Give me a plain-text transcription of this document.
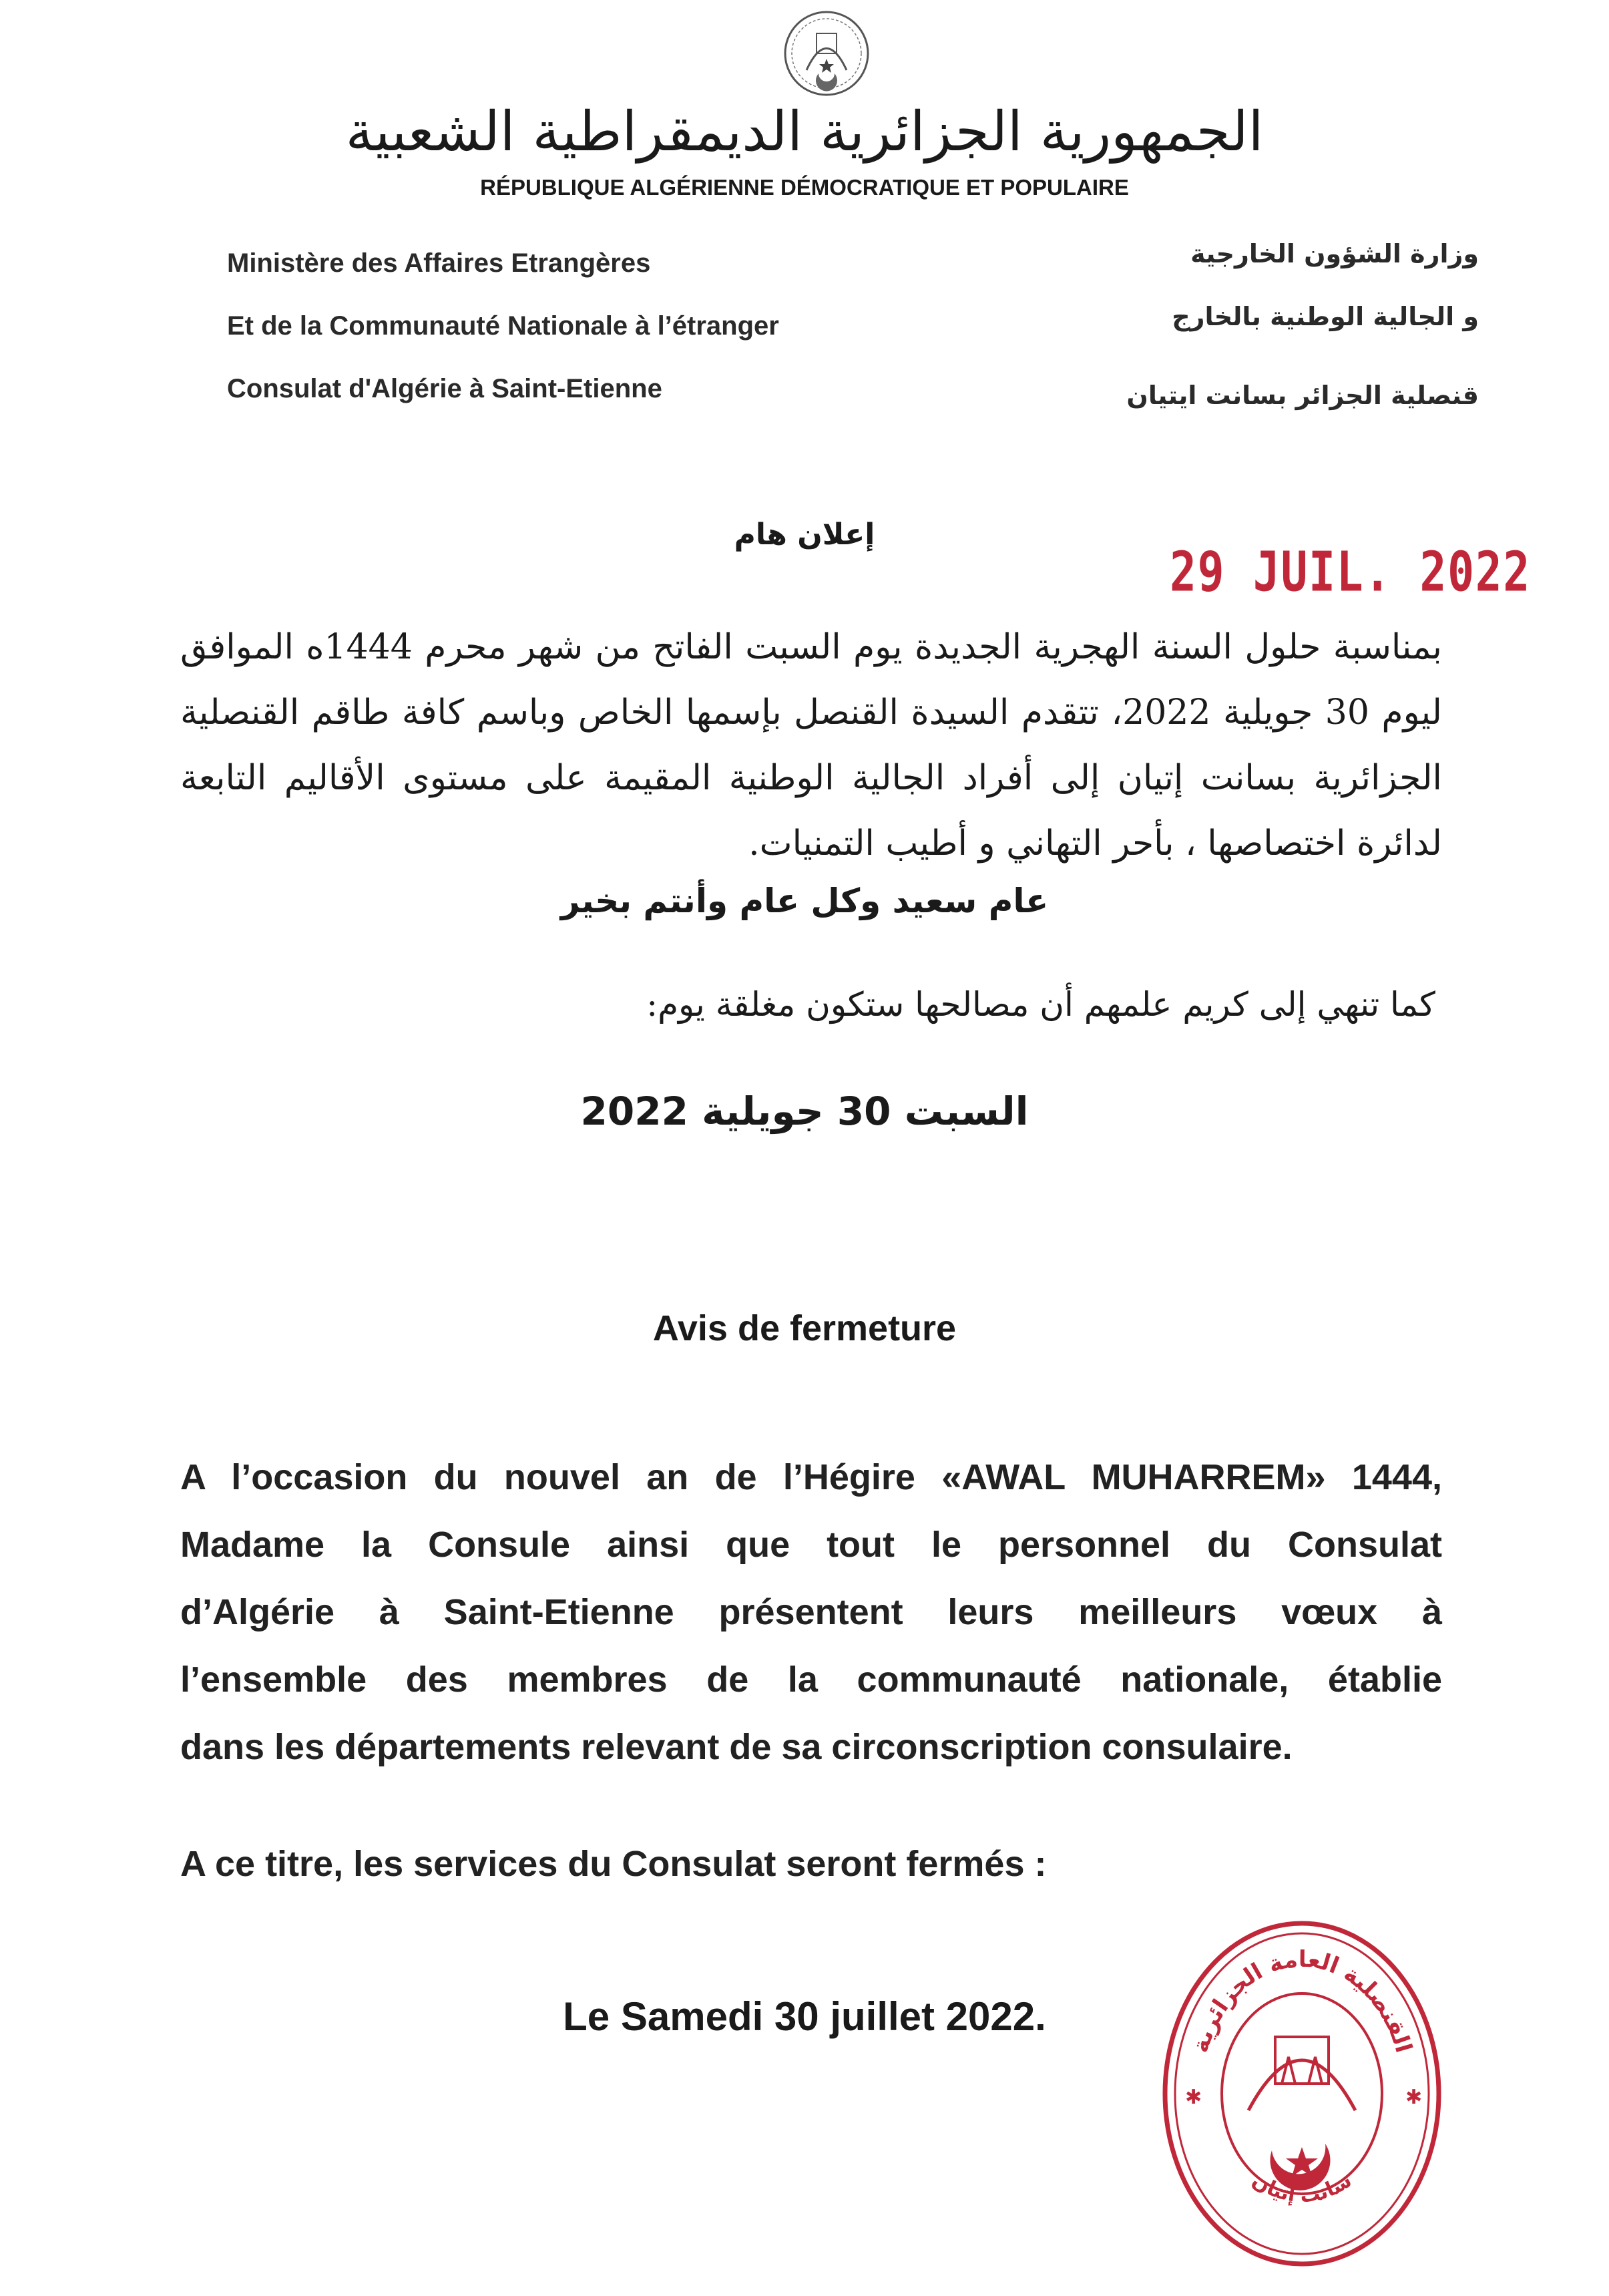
الجمهورية الجزائرية الديمقراطية الشعبية
RÉPUBLIQUE ALGÉRIENNE DÉMOCRATIQUE ET POPULAIRE
Ministère des Affaires Etrangères
Et de la Communauté Nationale à l’étranger
Consulat d'Algérie à Saint-Etienne
وزارة الشؤون الخارجية
و الجالية الوطنية بالخارج
قنصلية الجزائر بسانت ايتيان
إعلان هام
29 JUIL. 2022
بمناسبة حلول السنة الهجرية الجديدة يوم السبت الفاتح من شهر محرم 1444ه الموافق ليوم 30 جويلية 2022، تتقدم السيدة القنصل بإسمها الخاص وباسم كافة طاقم القنصلية الجزائرية بسانت إتيان إلى أفراد الجالية الوطنية المقيمة على مستوى الأقاليم التابعة لدائرة اختصاصها ، بأحر التهاني و أطيب التمنيات.
عام سعيد وكل عام وأنتم بخير
كما تنهي إلى كريم علمهم أن مصالحها ستكون مغلقة يوم:
السبت 30 جويلية 2022
Avis de fermeture
A l’occasion du nouvel an de l’Hégire «AWAL MUHARREM» 1444,
Madame la Consule ainsi que tout le personnel du Consulat
d’Algérie à Saint-Etienne présentent leurs meilleurs vœux à
l’ensemble des membres de la communauté nationale, établie
dans les départements relevant de sa circonscription consulaire.
A ce titre, les services du Consulat seront fermés :
Le Samedi 30 juillet 2022.
القنصلية العامة الجزائرية
سانت إتيان
✱	✱
